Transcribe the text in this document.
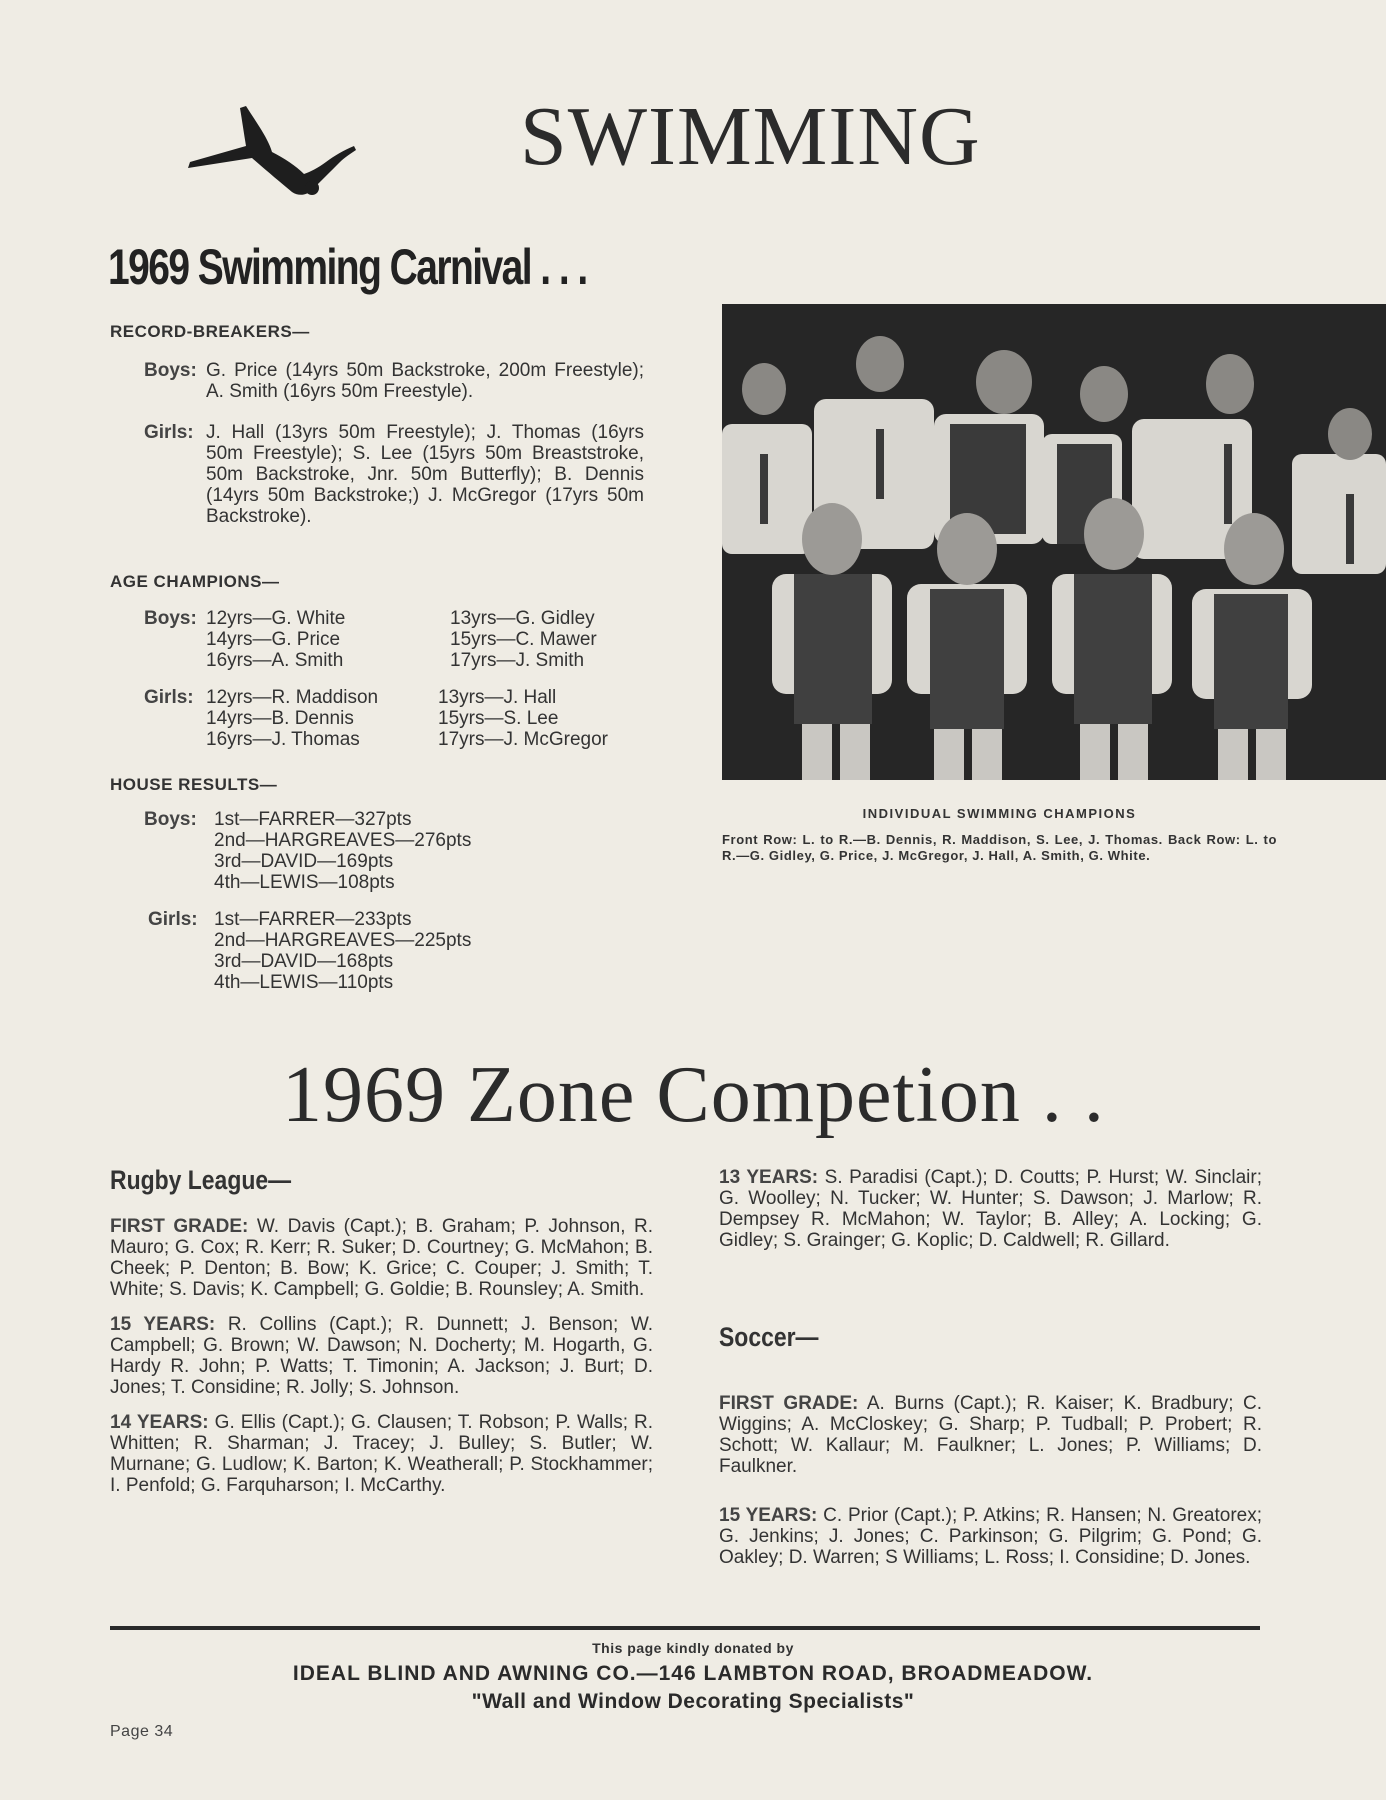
SWIMMING
1969 Swimming Carnival . . .

RECORD-BREAKERS—

Boys: G. Price (14yrs 50m Backstroke, 200m Freestyle); A. Smith (16yrs 50m Freestyle).
Girls: J. Hall (13yrs 50m Freestyle); J. Thomas (16yrs 50m Freestyle); S. Lee (15yrs 50m Breaststroke, 50m Backstroke, Jnr. 50m Butterfly); B. Dennis (14yrs 50m Backstroke;) J. McGregor (17yrs 50m Backstroke).

AGE CHAMPIONS—

Boys: 12yrs—G. White	13yrs—G. Gidley
14yrs—G. Price	15yrs—C. Mawer
16yrs—A. Smith	17yrs—J. Smith
Girls: 12yrs—R. Maddison	13yrs—J. Hall
14yrs—B. Dennis	15yrs—S. Lee
16yrs—J. Thomas	17yrs—J. McGregor

HOUSE RESULTS—

Boys: 1st—FARRER—327pts
2nd—HARGREAVES—276pts
3rd—DAVID—169pts
4th—LEWIS—108pts
Girls: 1st—FARRER—233pts
2nd—HARGREAVES—225pts
3rd—DAVID—168pts
4th—LEWIS—110pts
INDIVIDUAL SWIMMING CHAMPIONS
Front Row: L. to R.—B. Dennis, R. Maddison, S. Lee, J. Thomas. Back Row: L. to R.—G. Gidley, G. Price, J. McGregor, J. Hall, A. Smith, G. White.
1969 Zone Competion . .

Rugby League—

FIRST GRADE: W. Davis (Capt.); B. Graham; P. Johnson, R. Mauro; G. Cox; R. Kerr; R. Suker; D. Courtney; G. McMahon; B. Cheek; P. Denton; B. Bow; K. Grice; C. Couper; J. Smith; T. White; S. Davis; K. Campbell; G. Goldie; B. Rounsley; A. Smith.

15 YEARS: R. Collins (Capt.); R. Dunnett; J. Benson; W. Campbell; G. Brown; W. Dawson; N. Docherty; M. Hogarth, G. Hardy R. John; P. Watts; T. Timonin; A. Jackson; J. Burt; D. Jones; T. Considine; R. Jolly; S. Johnson.

14 YEARS: G. Ellis (Capt.); G. Clausen; T. Robson; P. Walls; R. Whitten; R. Sharman; J. Tracey; J. Bulley; S. Butler; W. Murnane; G. Ludlow; K. Barton; K. Weatherall; P. Stockhammer; I. Penfold; G. Farquharson; I. McCarthy.

13 YEARS: S. Paradisi (Capt.); D. Coutts; P. Hurst; W. Sinclair; G. Woolley; N. Tucker; W. Hunter; S. Dawson; J. Marlow; R. Dempsey R. McMahon; W. Taylor; B. Alley; A. Locking; G. Gidley; S. Grainger; G. Koplic; D. Caldwell; R. Gillard.

Soccer—

FIRST GRADE: A. Burns (Capt.); R. Kaiser; K. Bradbury; C. Wiggins; A. McCloskey; G. Sharp; P. Tudball; P. Probert; R. Schott; W. Kallaur; M. Faulkner; L. Jones; P. Williams; D. Faulkner.

15 YEARS: C. Prior (Capt.); P. Atkins; R. Hansen; N. Greatorex; G. Jenkins; J. Jones; C. Parkinson; G. Pilgrim; G. Pond; G. Oakley; D. Warren; S Williams; L. Ross; I. Considine; D. Jones.

This page kindly donated by
IDEAL BLIND AND AWNING CO.—146 LAMBTON ROAD, BROADMEADOW.
"Wall and Window Decorating Specialists"
Page 34
